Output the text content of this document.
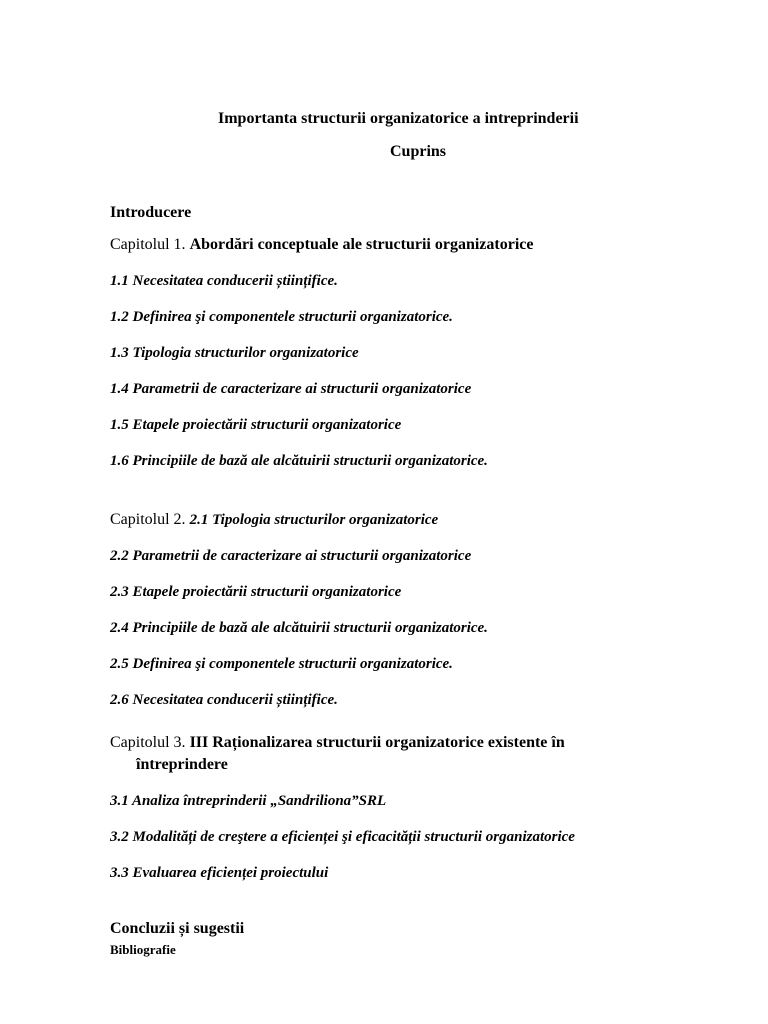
Importanta structurii organizatorice a intreprinderii
Cuprins
Introducere
Capitolul 1. Abordări conceptuale ale structurii organizatorice
1.1 Necesitatea conducerii științifice.
1.2 Definirea şi componentele structurii organizatorice.
1.3 Tipologia structurilor organizatorice
1.4 Parametrii de caracterizare ai structurii organizatorice
1.5 Etapele proiectării structurii organizatorice
1.6 Principiile de bază ale alcătuirii structurii organizatorice.
Capitolul 2. 2.1 Tipologia structurilor organizatorice
2.2 Parametrii de caracterizare ai structurii organizatorice
2.3 Etapele proiectării structurii organizatorice
2.4 Principiile de bază ale alcătuirii structurii organizatorice.
2.5 Definirea şi componentele structurii organizatorice.
2.6 Necesitatea conducerii științifice.
Capitolul 3. III Raționalizarea structurii organizatorice existente în
întreprindere
3.1 Analiza întreprinderii „Sandriliona”SRL
3.2 Modalități de creştere a eficienței şi eficacității structurii organizatorice
3.3 Evaluarea eficienței proiectului
Concluzii și sugestii
Bibliografie
